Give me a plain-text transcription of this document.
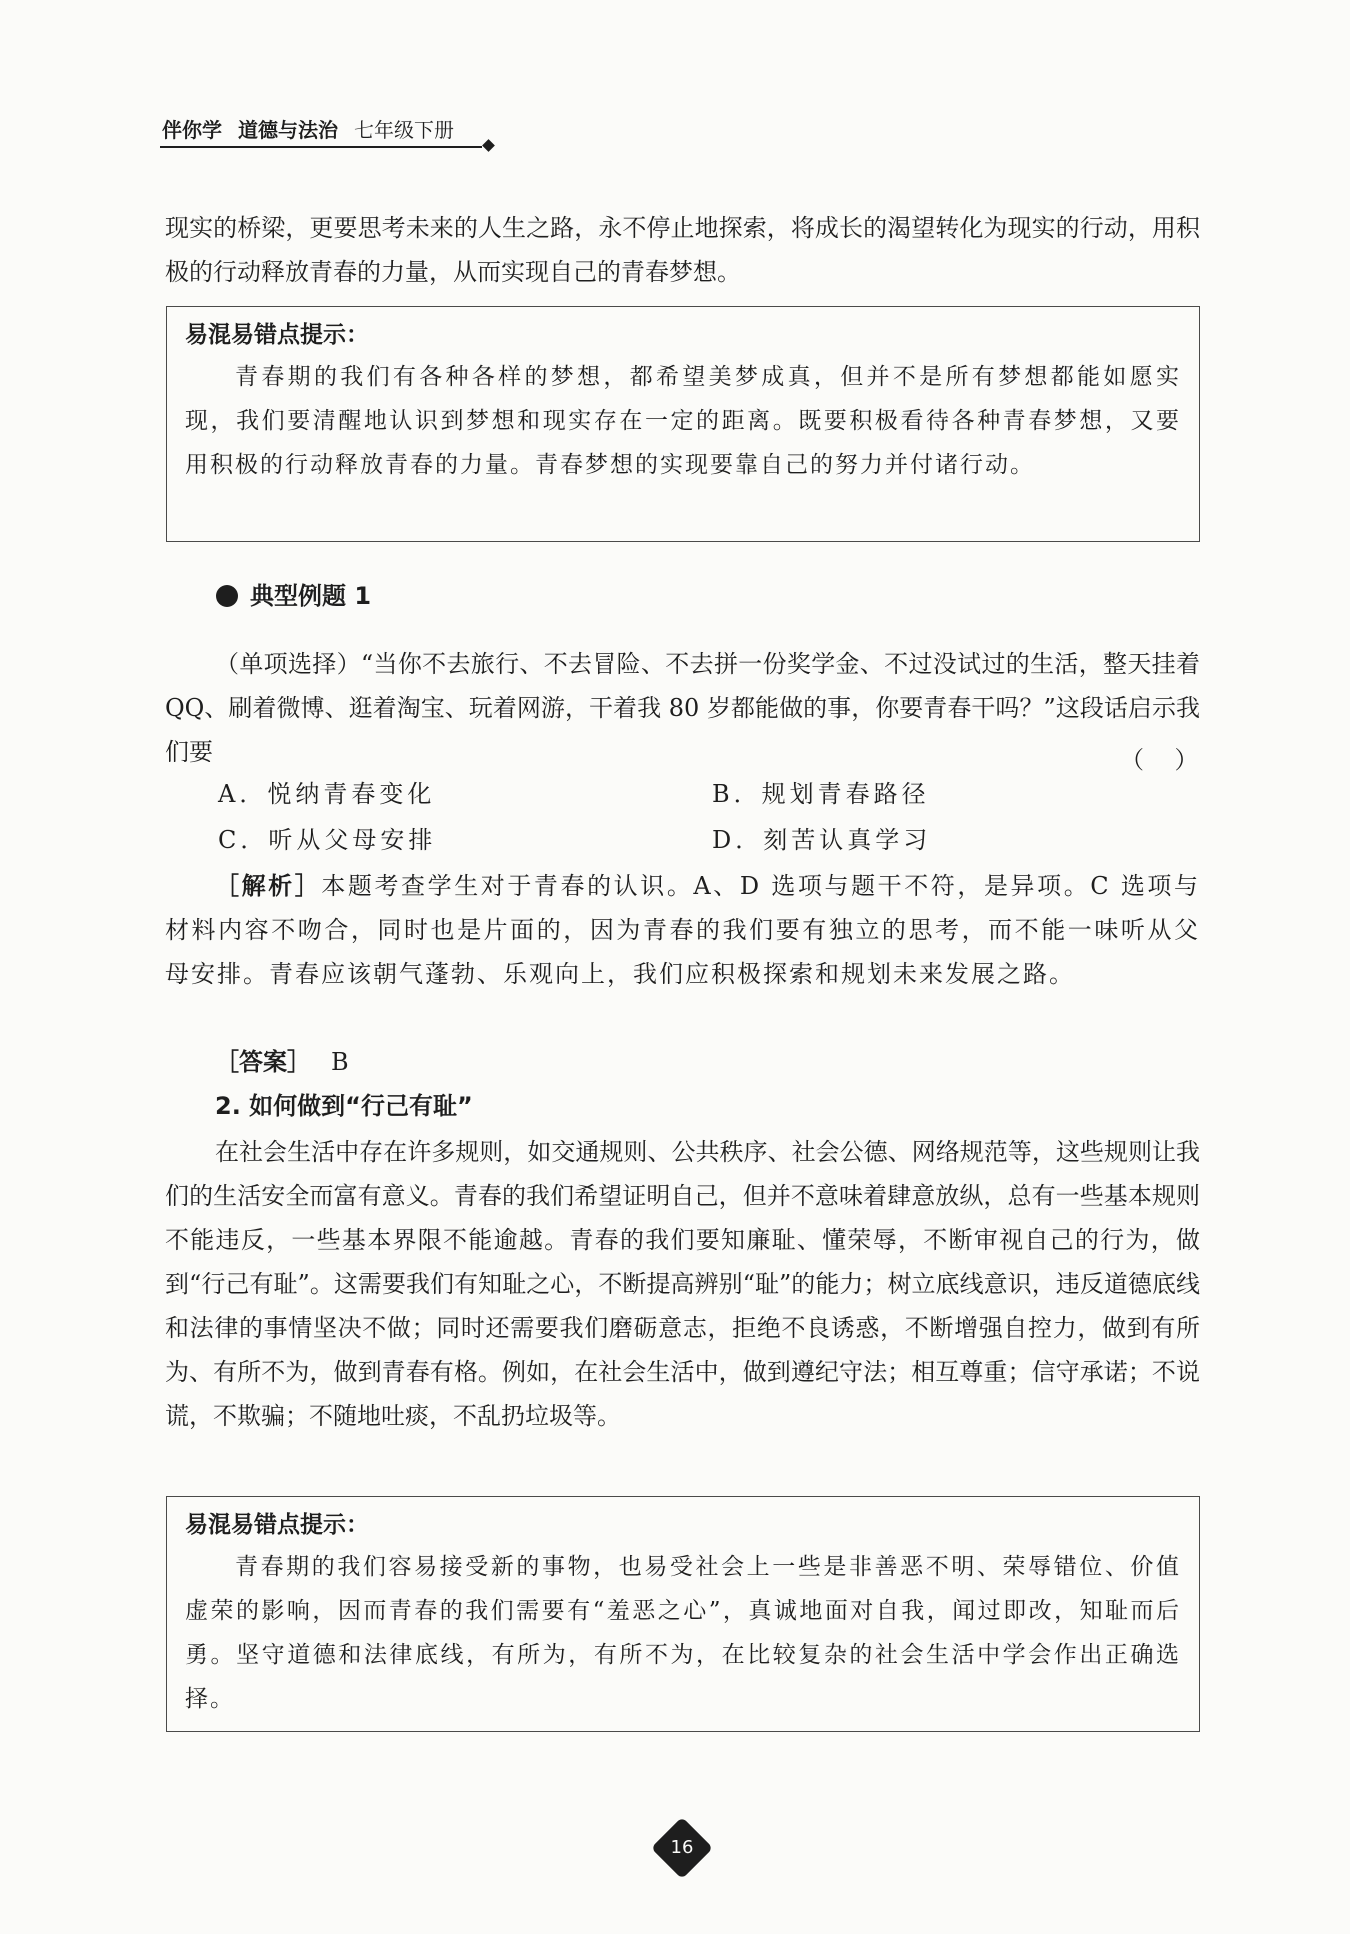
伴你学 道德与法治 七年级下册

现实的桥梁，更要思考未来的人生之路，永不停止地探索，将成长的渴望转化为现实的行动，用积极的行动释放青春的力量，从而实现自己的青春梦想。

易混易错点提示：

青春期的我们有各种各样的梦想，都希望美梦成真，但并不是所有梦想都能如愿实现，我们要清醒地认识到梦想和现实存在一定的距离。既要积极看待各种青春梦想，又要用积极的行动释放青春的力量。青春梦想的实现要靠自己的努力并付诸行动。

典型例题 1

（单项选择）“当你不去旅行、不去冒险、不去拼一份奖学金、不过没试过的生活，整天挂着 QQ、刷着微博、逛着淘宝、玩着网游，干着我 80 岁都能做的事，你要青春干吗？”这段话启示我们要	（    ）
A．悦纳青春变化	B．规划青春路径
C．听从父母安排	D．刻苦认真学习

［解析］本题考查学生对于青春的认识。A、D 选项与题干不符，是异项。C 选项与材料内容不吻合，同时也是片面的，因为青春的我们要有独立的思考，而不能一味听从父母安排。青春应该朝气蓬勃、乐观向上，我们应积极探索和规划未来发展之路。

［答案］ B
2. 如何做到“行己有耻”

在社会生活中存在许多规则，如交通规则、公共秩序、社会公德、网络规范等，这些规则让我们的生活安全而富有意义。青春的我们希望证明自己，但并不意味着肆意放纵，总有一些基本规则不能违反，一些基本界限不能逾越。青春的我们要知廉耻、懂荣辱，不断审视自己的行为，做到“行己有耻”。这需要我们有知耻之心，不断提高辨别“耻”的能力；树立底线意识，违反道德底线和法律的事情坚决不做；同时还需要我们磨砺意志，拒绝不良诱惑，不断增强自控力，做到有所为、有所不为，做到青春有格。例如，在社会生活中，做到遵纪守法；相互尊重；信守承诺；不说谎，不欺骗；不随地吐痰，不乱扔垃圾等。

易混易错点提示：

青春期的我们容易接受新的事物，也易受社会上一些是非善恶不明、荣辱错位、价值虚荣的影响，因而青春的我们需要有“羞恶之心”，真诚地面对自我，闻过即改，知耻而后勇。坚守道德和法律底线，有所为，有所不为，在比较复杂的社会生活中学会作出正确选择。

16
